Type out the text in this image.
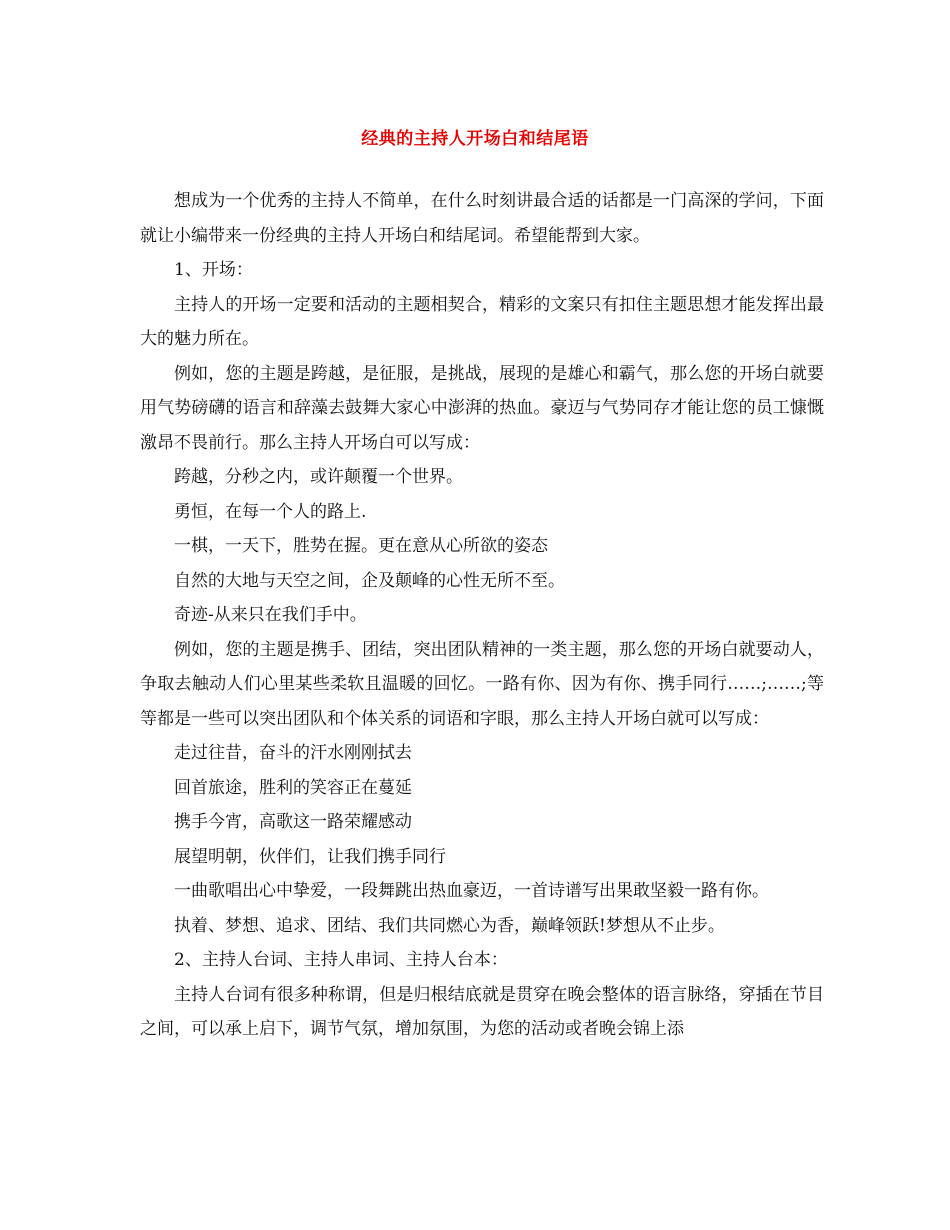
经典的主持人开场白和结尾语

想成为一个优秀的主持人不简单，在什么时刻讲最合适的话都是一门高深的学问，下面就让小编带来一份经典的主持人开场白和结尾词。希望能帮到大家。

1、开场：

主持人的开场一定要和活动的主题相契合，精彩的文案只有扣住主题思想才能发挥出最大的魅力所在。

例如，您的主题是跨越，是征服，是挑战，展现的是雄心和霸气，那么您的开场白就要用气势磅礴的语言和辞藻去鼓舞大家心中澎湃的热血。豪迈与气势同存才能让您的员工慷慨激昂不畏前行。那么主持人开场白可以写成：

跨越，分秒之内，或许颠覆一个世界。

勇恒，在每一个人的路上.

一棋，一天下，胜势在握。更在意从心所欲的姿态

自然的大地与天空之间，企及颠峰的心性无所不至。

奇迹-从来只在我们手中。

例如，您的主题是携手、团结，突出团队精神的一类主题，那么您的开场白就要动人，争取去触动人们心里某些柔软且温暖的回忆。一路有你、因为有你、携手同行……;……;等等都是一些可以突出团队和个体关系的词语和字眼，那么主持人开场白就可以写成：

走过往昔，奋斗的汗水刚刚拭去

回首旅途，胜利的笑容正在蔓延

携手今宵，高歌这一路荣耀感动

展望明朝，伙伴们，让我们携手同行

一曲歌唱出心中挚爱，一段舞跳出热血豪迈，一首诗谱写出果敢坚毅一路有你。

执着、梦想、追求、团结、我们共同燃心为香，巅峰领跃!梦想从不止步。

2、主持人台词、主持人串词、主持人台本：

主持人台词有很多种称谓，但是归根结底就是贯穿在晚会整体的语言脉络，穿插在节目之间，可以承上启下，调节气氛，增加氛围，为您的活动或者晚会锦上添
